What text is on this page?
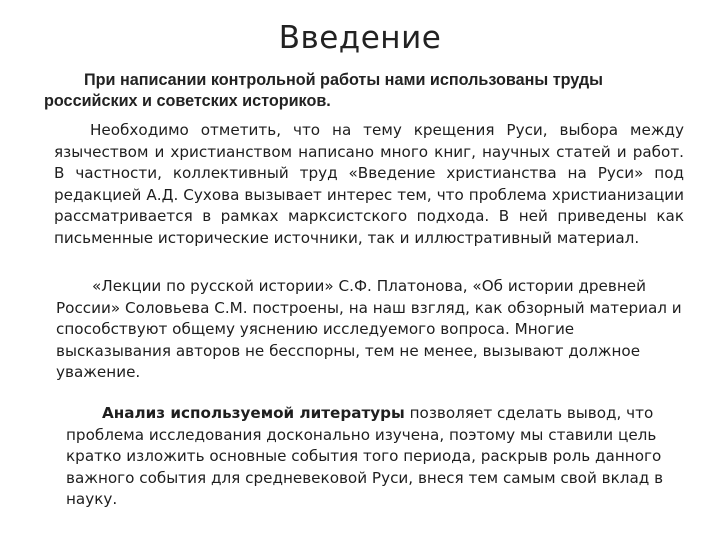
Введение
При написании контрольной работы нами использованы труды российских и советских историков.
Необходимо отметить, что на тему крещения Руси, выбора между язычеством и христианством написано много книг, научных статей и работ. В частности, коллективный труд «Введение христианства на Руси» под редакцией А.Д. Сухова вызывает интерес тем, что проблема христианизации рассматривается в рамках марксистского подхода. В ней приведены как письменные исторические источники, так и иллюстративный материал.
«Лекции по русской истории» С.Ф. Платонова, «Об истории древней России» Соловьева С.М. построены, на наш взгляд, как обзорный материал и способствуют общему уяснению исследуемого вопроса. Многие высказывания авторов не бесспорны, тем не менее, вызывают должное уважение.
Анализ используемой литературы позволяет сделать вывод, что проблема исследования досконально изучена, поэтому мы ставили цель кратко изложить основные события того периода, раскрыв роль данного важного события для средневековой Руси, внеся тем самым свой вклад в науку.
